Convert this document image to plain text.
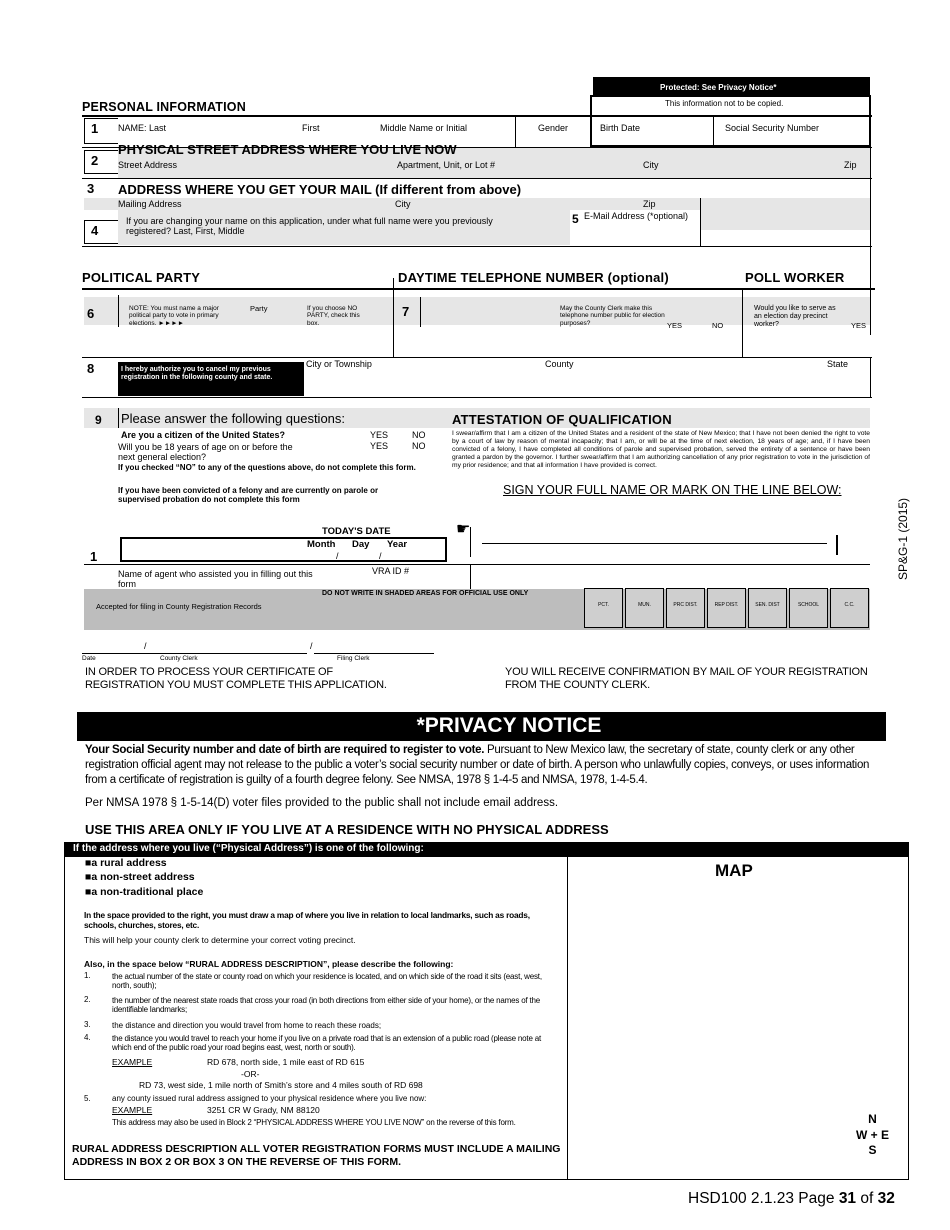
Protected: See Privacy Notice*
This information not to be copied.
PERSONAL INFORMATION
1	NAME: Last	First	Middle Name or Initial	Gender	Birth Date	Social Security Number
2
PHYSICAL STREET ADDRESS WHERE YOU LIVE NOW
Street Address	Apartment, Unit, or Lot #	City	Zip
3 ADDRESS WHERE YOU GET YOUR MAIL (If different from above)
Mailing Address	City	Zip
4
If you are changing your name on this application, under what full name were you previously registered? Last, First, Middle
5 E-Mail Address (*optional)
POLITICAL PARTY	DAYTIME TELEPHONE NUMBER (optional)	POLL WORKER
6	NOTE: You must name a major political party to vote in primary elections. ►►►►
Party	If you choose NO PARTY, check this box.
7	May the County Clerk make this telephone number public for election purposes?	YES	NO
Would you like to serve as an election day precinct worker?	YES
8	I hereby authorize you to cancel my previous registration in the following county and state.
City or Township	County	State
9 Please answer the following questions:
Are you a citizen of the United States?	YES	NO
Will you be 18 years of age on or before the next general election?
YES	NO
If you checked “NO” to any of the questions above, do not complete this form.
If you have been convicted of a felony and are currently on parole or supervised probation do not complete this form
ATTESTATION OF QUALIFICATION
I swear/affirm that I am a citizen of the United States and a resident of the state of New Mexico; that I have not been denied the right to vote by a court of law by reason of mental incapacity; that I am, or will be at the time of next election, 18 years of age; and, if I have been convicted of a felony, I have completed all conditions of parole and supervised probation, served the entirety of a sentence or have been granted a pardon by the governor. I further swear/affirm that I am authorizing cancellation of any prior registration to vote in the jurisdiction of my prior residence; and that all information I have provided is correct.
SIGN YOUR FULL NAME OR MARK ON THE LINE BELOW:
SP&G-1 (2015)
TODAY'S DATE
Month Day Year
/	/
1
☛
Name of agent who assisted you in filling out this form
VRA ID #
DO NOT WRITE IN SHADED AREAS FOR OFFICIAL USE ONLY
Accepted for filing in County Registration Records	PCT.	MUN.	PRC DIST.	REP DIST.	SEN. DIST	SCHOOL	C.C.
/	/
Date	County Clerk	Filing Clerk
IN ORDER TO PROCESS YOUR CERTIFICATE OF REGISTRATION YOU MUST COMPLETE THIS APPLICATION.
YOU WILL RECEIVE CONFIRMATION BY MAIL OF YOUR REGISTRATION FROM THE COUNTY CLERK.
*PRIVACY NOTICE
Your Social Security number and date of birth are required to register to vote. Pursuant to New Mexico law, the secretary of state, county clerk or any other registration official agent may not release to the public a voter’s social security number or date of birth. A person who unlawfully copies, conveys, or uses information from a certificate of registration is guilty of a fourth degree felony. See NMSA, 1978 § 1-4-5 and NMSA, 1978, 1-4-5.4.
Per NMSA 1978 § 1-5-14(D) voter files provided to the public shall not include email address.
USE THIS AREA ONLY IF YOU LIVE AT A RESIDENCE WITH NO PHYSICAL ADDRESS
If the address where you live (“Physical Address”) is one of the following:
■a rural address
■a non-street address
■a non-traditional place
In the space provided to the right, you must draw a map of where you live in relation to local landmarks, such as roads, schools, churches, stores, etc.
This will help your county clerk to determine your correct voting precinct.
Also, in the space below “RURAL ADDRESS DESCRIPTION”, please describe the following:
1.	the actual number of the state or county road on which your residence is located, and on which side of the road it sits (east, west, north, south);
2.	the number of the nearest state roads that cross your road (in both directions from either side of your home), or the names of the identifiable landmarks;
3.	the distance and direction you would travel from home to reach these roads;
4.	the distance you would travel to reach your home if you live on a private road that is an extension of a public road (please note at which end of the public road your road begins east, west, north or south).
EXAMPLE	RD 678, north side, 1 mile east of RD 615
-OR-
RD 73, west side, 1 mile north of Smith’s store and 4 miles south of RD 698
5.	any county issued rural address assigned to your physical residence where you live now:
EXAMPLE	3251 CR W Grady, NM 88120
This address may also be used in Block 2 “PHYSICAL ADDRESS WHERE YOU LIVE NOW” on the reverse of this form.
RURAL ADDRESS DESCRIPTION ALL VOTER REGISTRATION FORMS MUST INCLUDE A MAILING ADDRESS IN BOX 2 OR BOX 3 ON THE REVERSE OF THIS FORM.
MAP
N
W + E
S
HSD100 2.1.23 Page 31 of 32
